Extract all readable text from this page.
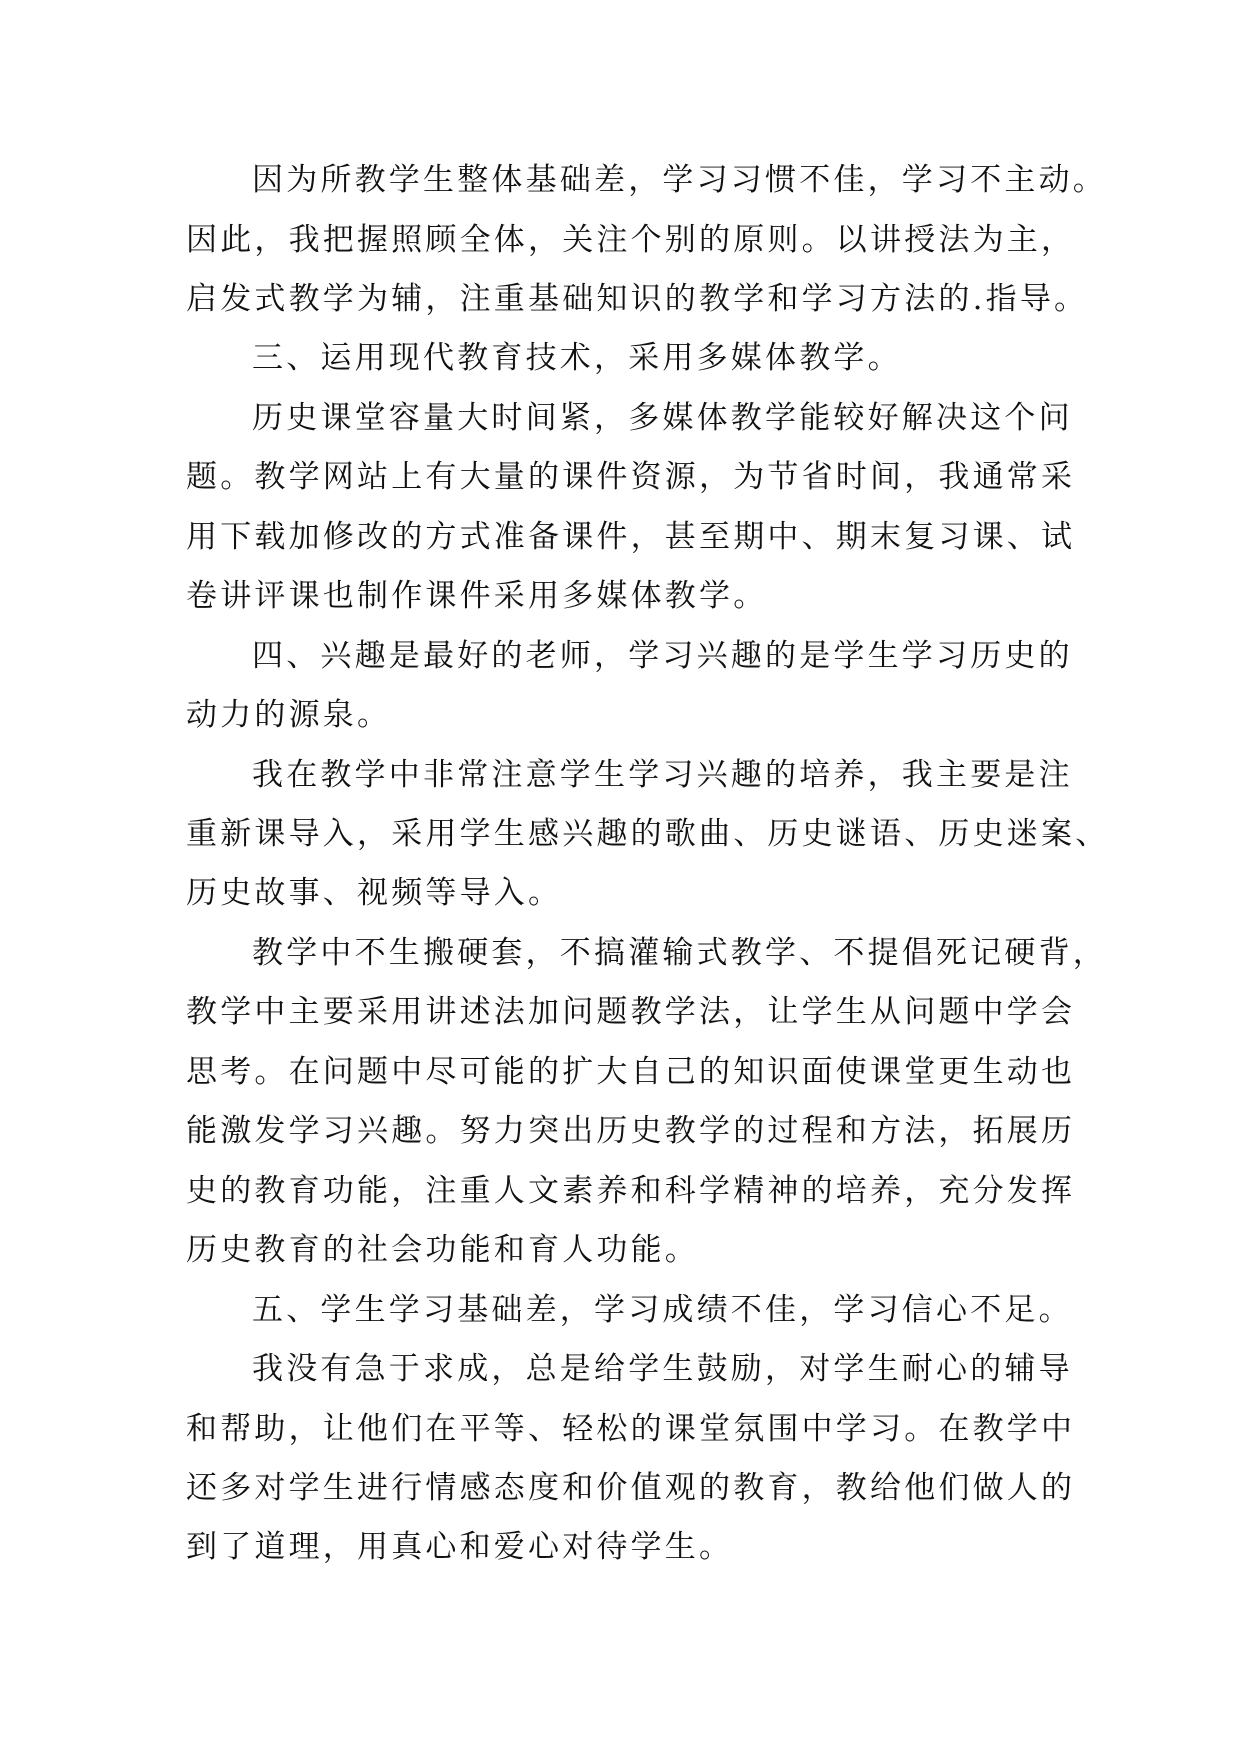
因为所教学生整体基础差，学习习惯不佳，学习不主动。
因此，我把握照顾全体，关注个别的原则。以讲授法为主，
启发式教学为辅，注重基础知识的教学和学习方法的.指导。
三、运用现代教育技术，采用多媒体教学。
历史课堂容量大时间紧，多媒体教学能较好解决这个问
题。教学网站上有大量的课件资源，为节省时间，我通常采
用下载加修改的方式准备课件，甚至期中、期末复习课、试
卷讲评课也制作课件采用多媒体教学。
四、兴趣是最好的老师，学习兴趣的是学生学习历史的
动力的源泉。
我在教学中非常注意学生学习兴趣的培养，我主要是注
重新课导入，采用学生感兴趣的歌曲、历史谜语、历史迷案、
历史故事、视频等导入。
教学中不生搬硬套，不搞灌输式教学、不提倡死记硬背，
教学中主要采用讲述法加问题教学法，让学生从问题中学会
思考。在问题中尽可能的扩大自己的知识面使课堂更生动也
能激发学习兴趣。努力突出历史教学的过程和方法，拓展历
史的教育功能，注重人文素养和科学精神的培养，充分发挥
历史教育的社会功能和育人功能。
五、学生学习基础差，学习成绩不佳，学习信心不足。
我没有急于求成，总是给学生鼓励，对学生耐心的辅导
和帮助，让他们在平等、轻松的课堂氛围中学习。在教学中
还多对学生进行情感态度和价值观的教育，教给他们做人的
到了道理，用真心和爱心对待学生。
